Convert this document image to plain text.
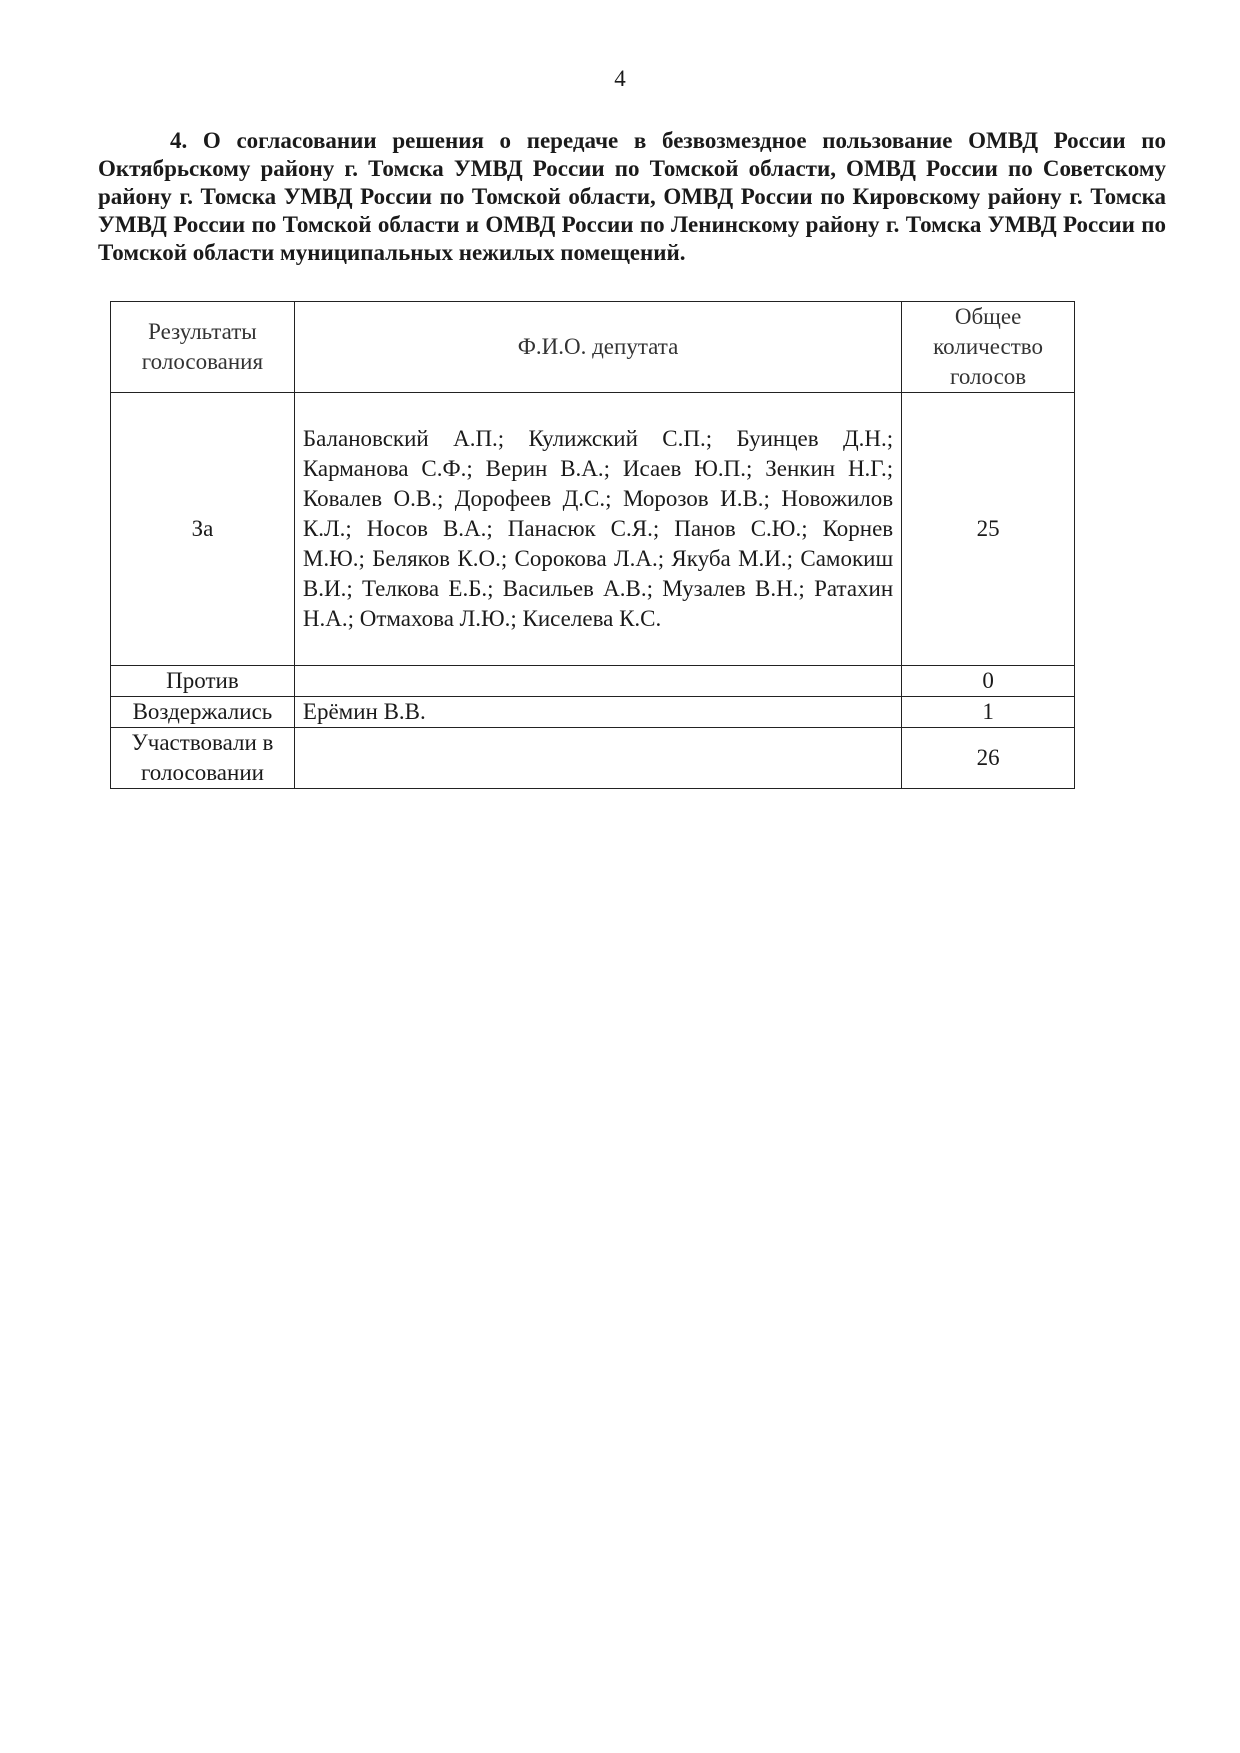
4
4. О согласовании решения о передаче в безвозмездное пользование ОМВД России по Октябрьскому району г. Томска УМВД России по Томской области, ОМВД России по Советскому району г. Томска УМВД России по Томской области, ОМВД России по Кировскому району г. Томска УМВД России по Томской области и ОМВД России по Ленинскому району г. Томска УМВД России по Томской области муниципальных нежилых помещений.
Результаты голосования	Ф.И.О. депутата	Общее количество голосов
За	Балановский А.П.; Кулижский С.П.; Буинцев Д.Н.; Карманова С.Ф.; Верин В.А.; Исаев Ю.П.; Зенкин Н.Г.; Ковалев О.В.; Дорофеев Д.С.; Морозов И.В.; Новожилов К.Л.; Носов В.А.; Панасюк С.Я.; Панов С.Ю.; Корнев М.Ю.; Беляков К.О.; Сорокова Л.А.; Якуба М.И.; Самокиш В.И.; Телкова Е.Б.; Васильев А.В.; Музалев В.Н.; Ратахин Н.А.; Отмахова Л.Ю.; Киселева К.С.	25
Против		0
Воздержались	Ерёмин В.В.	1
Участвовали в голосовании		26
